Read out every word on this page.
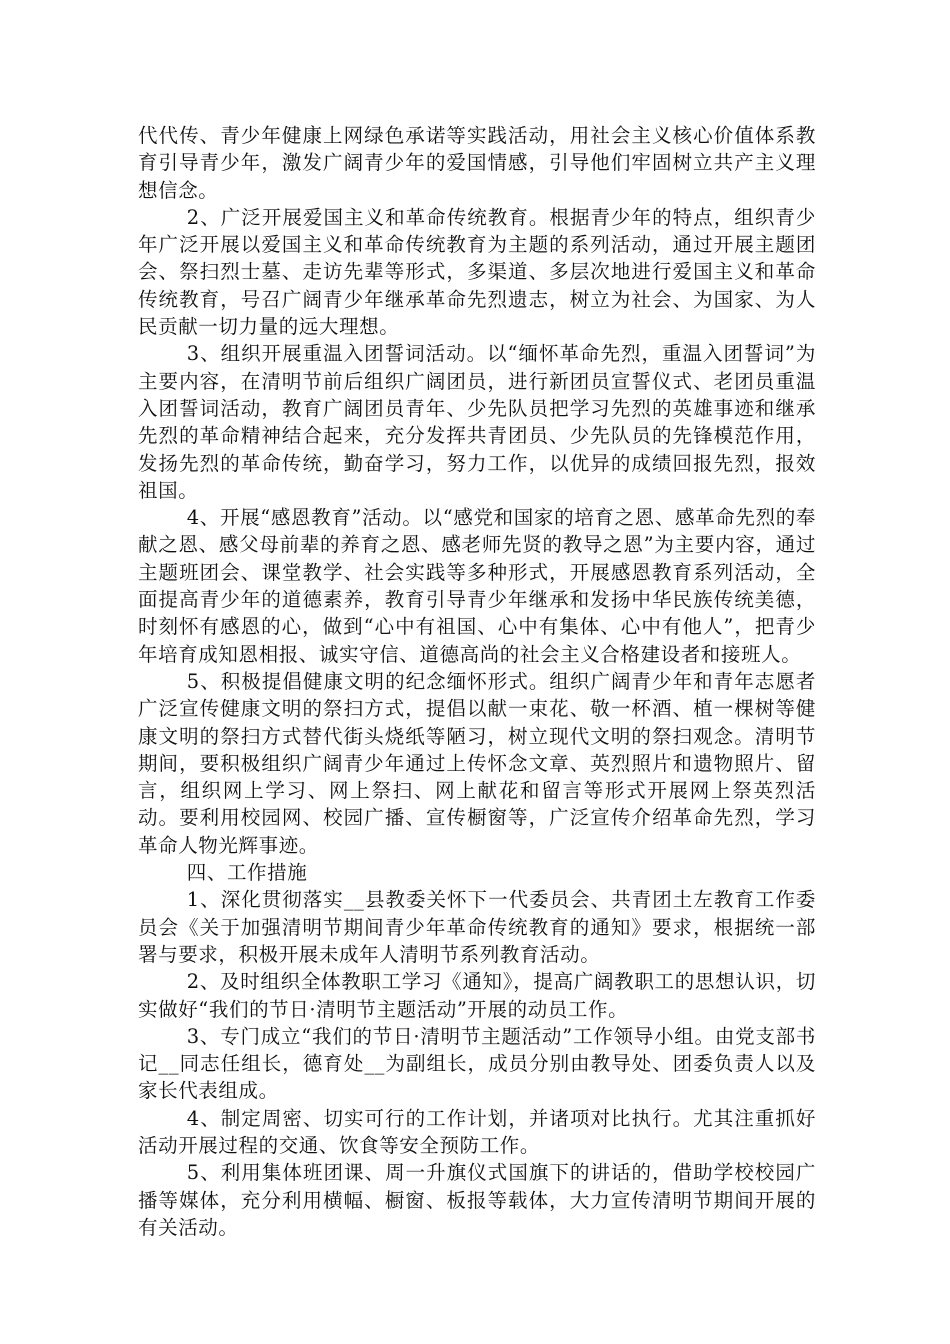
代代传、青少年健康上网绿色承诺等实践活动，用社会主义核心价值体系教育引导青少年，激发广阔青少年的爱国情感，引导他们牢固树立共产主义理想信念。

2、广泛开展爱国主义和革命传统教育。根据青少年的特点，组织青少年广泛开展以爱国主义和革命传统教育为主题的系列活动，通过开展主题团会、祭扫烈士墓、走访先辈等形式，多渠道、多层次地进行爱国主义和革命传统教育，号召广阔青少年继承革命先烈遗志，树立为社会、为国家、为人民贡献一切力量的远大理想。

3、组织开展重温入团誓词活动。以“缅怀革命先烈，重温入团誓词”为主要内容，在清明节前后组织广阔团员，进行新团员宣誓仪式、老团员重温入团誓词活动，教育广阔团员青年、少先队员把学习先烈的英雄事迹和继承先烈的革命精神结合起来，充分发挥共青团员、少先队员的先锋模范作用，发扬先烈的革命传统，勤奋学习，努力工作，以优异的成绩回报先烈，报效祖国。

4、开展“感恩教育”活动。以“感党和国家的培育之恩、感革命先烈的奉献之恩、感父母前辈的养育之恩、感老师先贤的教导之恩”为主要内容，通过主题班团会、课堂教学、社会实践等多种形式，开展感恩教育系列活动，全面提高青少年的道德素养，教育引导青少年继承和发扬中华民族传统美德，时刻怀有感恩的心，做到“心中有祖国、心中有集体、心中有他人”，把青少年培育成知恩相报、诚实守信、道德高尚的社会主义合格建设者和接班人。

5、积极提倡健康文明的纪念缅怀形式。组织广阔青少年和青年志愿者广泛宣传健康文明的祭扫方式，提倡以献一束花、敬一杯酒、植一棵树等健康文明的祭扫方式替代街头烧纸等陋习，树立现代文明的祭扫观念。清明节期间，要积极组织广阔青少年通过上传怀念文章、英烈照片和遗物照片、留言，组织网上学习、网上祭扫、网上献花和留言等形式开展网上祭英烈活动。要利用校园网、校园广播、宣传橱窗等，广泛宣传介绍革命先烈，学习革命人物光辉事迹。

四、工作措施

1、深化贯彻落实__县教委关怀下一代委员会、共青团土左教育工作委员会《关于加强清明节期间青少年革命传统教育的通知》要求，根据统一部署与要求，积极开展未成年人清明节系列教育活动。

2、及时组织全体教职工学习《通知》，提高广阔教职工的思想认识，切实做好“我们的节日·清明节主题活动”开展的动员工作。

3、专门成立“我们的节日·清明节主题活动”工作领导小组。由党支部书记__同志任组长，德育处__为副组长，成员分别由教导处、团委负责人以及家长代表组成。

4、制定周密、切实可行的工作计划，并诸项对比执行。尤其注重抓好活动开展过程的交通、饮食等安全预防工作。

5、利用集体班团课、周一升旗仪式国旗下的讲话的，借助学校校园广播等媒体，充分利用横幅、橱窗、板报等载体，大力宣传清明节期间开展的有关活动。
